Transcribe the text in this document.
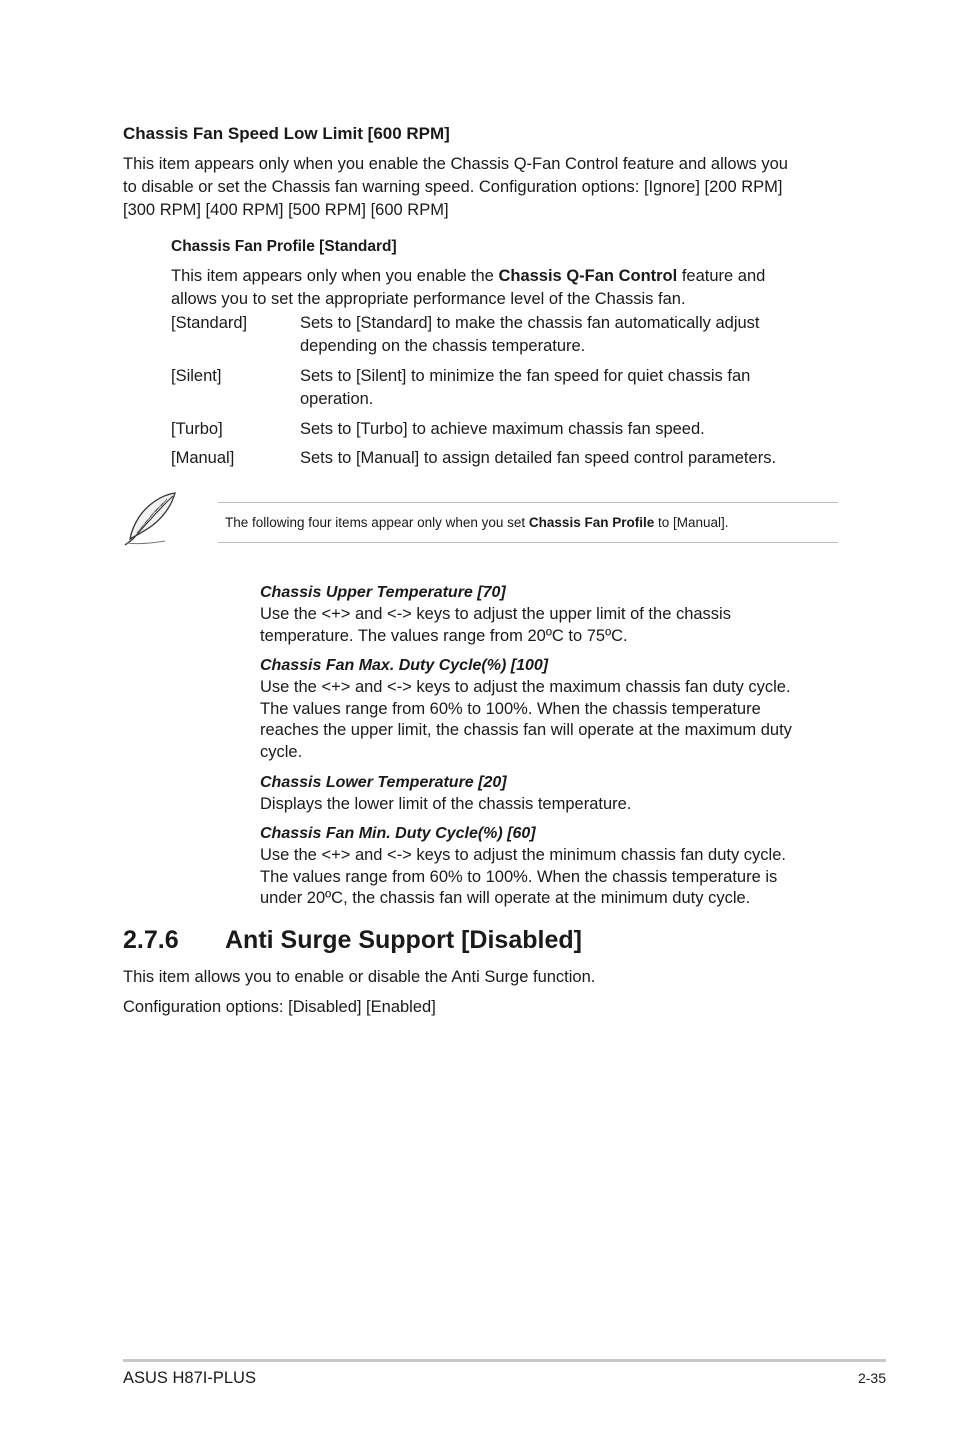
Chassis Fan Speed Low Limit [600 RPM]
This item appears only when you enable the Chassis Q-Fan Control feature and allows you
to disable or set the Chassis fan warning speed. Configuration options: [Ignore] [200 RPM]
[300 RPM] [400 RPM] [500 RPM] [600 RPM]
Chassis Fan Profile [Standard]
This item appears only when you enable the Chassis Q-Fan Control feature and
allows you to set the appropriate performance level of the Chassis fan.
[Standard]	Sets to [Standard] to make the chassis fan automatically adjust
depending on the chassis temperature.
[Silent]	Sets to [Silent] to minimize the fan speed for quiet chassis fan
operation.
[Turbo]	Sets to [Turbo] to achieve maximum chassis fan speed.
[Manual]	Sets to [Manual] to assign detailed fan speed control parameters.
The following four items appear only when you set Chassis Fan Profile to [Manual].
Chassis Upper Temperature [70]
Use the <+> and <-> keys to adjust the upper limit of the chassis
temperature. The values range from 20ºC to 75ºC.
Chassis Fan Max. Duty Cycle(%) [100]
Use the <+> and <-> keys to adjust the maximum chassis fan duty cycle.
The values range from 60% to 100%. When the chassis temperature
reaches the upper limit, the chassis fan will operate at the maximum duty
cycle.
Chassis Lower Temperature [20]
Displays the lower limit of the chassis temperature.
Chassis Fan Min. Duty Cycle(%) [60]
Use the <+> and <-> keys to adjust the minimum chassis fan duty cycle.
The values range from 60% to 100%. When the chassis temperature is
under 20ºC, the chassis fan will operate at the minimum duty cycle.
2.7.6 Anti Surge Support [Disabled]
This item allows you to enable or disable the Anti Surge function.
Configuration options: [Disabled] [Enabled]
ASUS H87I-PLUS	2-35
